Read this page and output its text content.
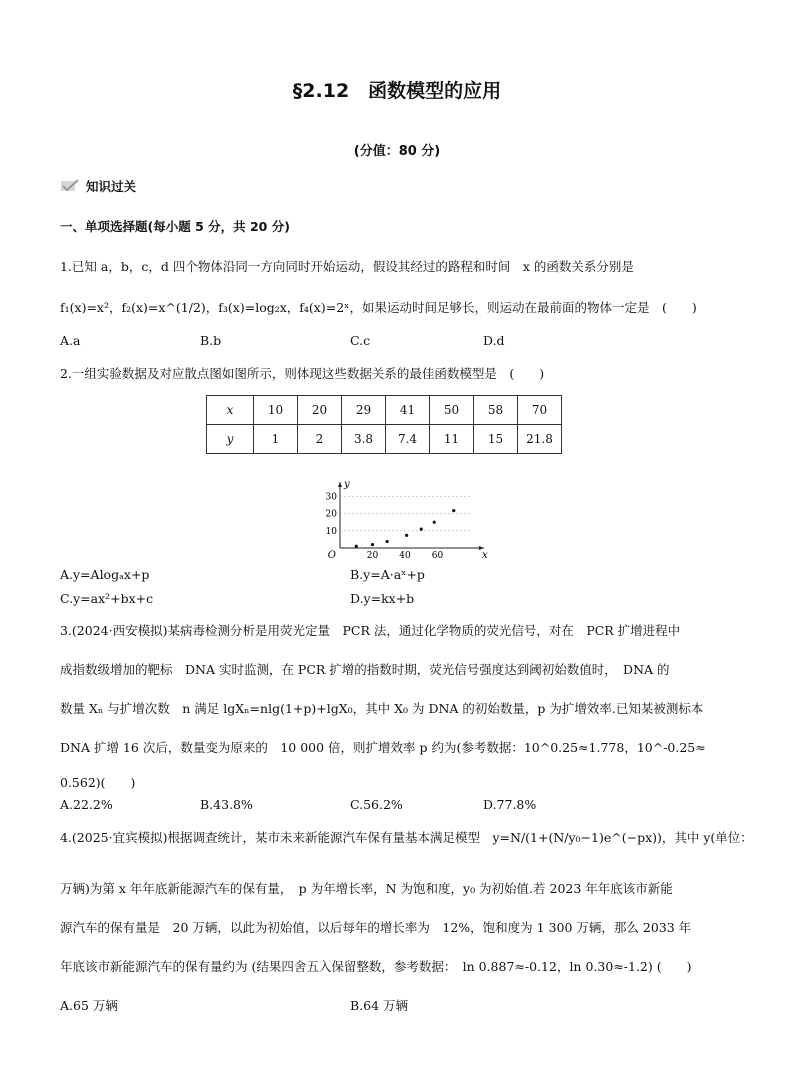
§2.12　函数模型的应用
(分值：80 分)
知识过关
一、单项选择题(每小题 5 分，共 20 分)
1.已知 a，b，c，d 四个物体沿同一方向同时开始运动，假设其经过的路程和时间　x 的函数关系分别是
f₁(x)=x²，f₂(x)=x^(1/2)，f₃(x)=log₂x，f₄(x)=2ˣ，如果运动时间足够长，则运动在最前面的物体一定是　(　　)
A.a	B.b	C.c	D.d
2.一组实验数据及对应散点图如图所示，则体现这些数据关系的最佳函数模型是　(　　)
x	10	20	29	41	50	58	70
y	1	2	3.8	7.4	11	15	21.8
10
20
30
20 40 60
O	x
y
A.y=Alogₐx+p	B.y=A·aˣ+p
C.y=ax²+bx+c	D.y=kx+b
3.(2024·西安模拟)某病毒检测分析是用荧光定量　PCR 法，通过化学物质的荧光信号，对在　PCR 扩增进程中
成指数级增加的靶标　DNA 实时监测，在 PCR 扩增的指数时期，荧光信号强度达到阈初始数值时，　DNA 的
数量 Xₙ 与扩增次数　n 满足 lgXₙ=nlg(1+p)+lgX₀，其中 X₀ 为 DNA 的初始数量，p 为扩增效率.已知某被测标本
DNA 扩增 16 次后，数量变为原来的　10 000 倍，则扩增效率 p 约为(参考数据：10^0.25≈1.778，10^-0.25≈
0.562)(　　)
A.22.2%	B.43.8%	C.56.2%	D.77.8%
4.(2025·宜宾模拟)根据调查统计，某市未来新能源汽车保有量基本满足模型　y=N/(1+(N/y₀−1)e^(−px))，其中 y(单位：
万辆)为第 x 年年底新能源汽车的保有量，　p 为年增长率，N 为饱和度，y₀ 为初始值.若 2023 年年底该市新能
源汽车的保有量是　20 万辆，以此为初始值，以后每年的增长率为　12%，饱和度为 1 300 万辆，那么 2033 年
年底该市新能源汽车的保有量约为 (结果四舍五入保留整数，参考数据：　ln 0.887≈-0.12，ln 0.30≈-1.2) (　　)
A.65 万辆	B.64 万辆
